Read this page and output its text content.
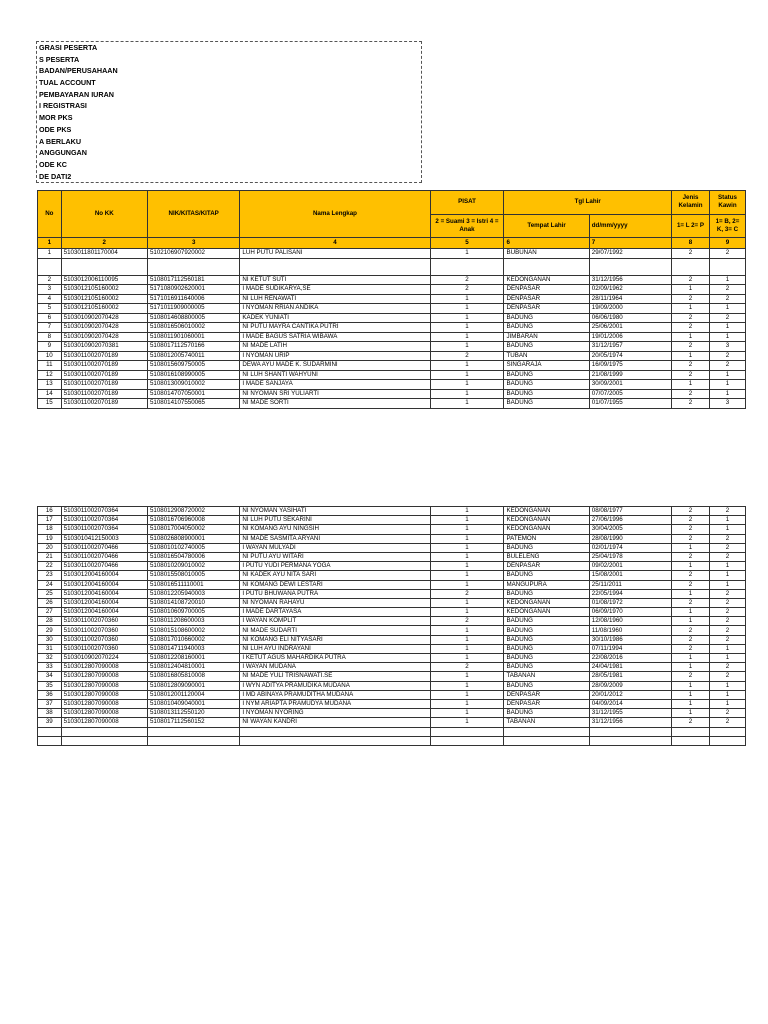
GRASI PESERTA
S PESERTA
BADAN/PERUSAHAAN
TUAL ACCOUNT
PEMBAYARAN IURAN
I REGISTRASI
MOR PKS
ODE PKS
A BERLAKU
ANGGUNGAN
ODE KC
DE DATI2
No	No KK	NIK/KITAS/KITAP	Nama Lengkap	PISAT	Tgl Lahir		Jenis Kelamin	Status Kawin
				2 = Suami 3 = Istri 4 = Anak	Tempat Lahir	dd/mm/yyyy	1= L 2= P	1= B, 2= K, 3= C
1	2	3	4	5	6	7	8	9
1	5103011801170004	5102106907920002	LUH PUTU PALISANI	1	BUBUNAN	29/07/1992	2	2

2	5103012006110095	5108017112560181	NI KETUT SUTI	2	KEDONGANAN	31/12/1956	2	1
3	5103012105160002	5171080902620001	I MADE SUDIKARYA,SE	2	DENPASAR	02/09/1962	1	2
4	5103012105160002	5171016911640006	NI LUH RENAWATI	1	DENPASAR	28/11/1964	2	2
5	5103012105160002	5171011909000005	I NYOMAN RRIAN ANDIKA	1	DENPASAR	19/09/2000	1	1
6	5103010902070428	5108014608800005	KADEK YUNIATI	1	BADUNG	06/06/1980	2	2
7	5103010902070428	5108016506010002	NI PUTU MAYRA CANTIKA PUTRI	1	BADUNG	25/06/2001	2	1
8	5103010902070428	5108011901060001	I MADE BAGUS SATRIA WIBAWA	1	JIMBARAN	19/01/2006	1	1
9	5103010902070381	5108017112570166	NI MADE LATIH	1	BADUNG	31/12/1957	2	3
10	5103011002070189	5108012005740011	I NYOMAN URIP	2	TUBAN	20/05/1974	1	2
11	5103011002070189	5108015609750005	DEWA AYU MADE K. SUDARMINI	1	SINGARAJA	16/09/1975	2	2
12	5103011002070189	5108016108990005	NI LUH SHANTI WAHYUNI	1	BADUNG	21/08/1999	2	1
13	5103011002070189	5108013009010002	I MADE SANJAYA	1	BADUNG	30/09/2001	1	1
14	5103011002070189	5108014707050001	NI NYOMAN SRI YULIARTI	1	BADUNG	07/07/2005	2	1
15	5103011002070189	5108014107550065	NI MADE SORTI	1	BADUNG	01/07/1955	2	3
16	5103011002070364	5108012908720002	NI NYOMAN YASIHATI	1	KEDONGANAN	08/08/1977	2	2
17	5103011002070364	5108016706960008	NI LUH PUTU SEKARINI	1	KEDONGANAN	27/06/1996	2	1
18	5103011002070364	5108017004050002	NI KOMANG AYU NINGSIH	1	KEDONGANAN	30/04/2005	2	1
19	5103010412150003	5108026808900001	NI MADE SASMITA ARYANI	1	PATEMON	28/08/1990	2	2
20	5103011002070466	5108010102740005	I WAYAN MULYADI	1	BADUNG	02/01/1974	1	2
21	5103011002070466	5108016504780006	NI PUTU AYU WITARI	1	BULELENG	25/04/1978	2	2
22	5103011002070466	5108010209010002	I PUTU YUDI PERMANA YOGA	1	DENPASAR	09/02/2001	1	1
23	5103012004160004	5108015508010005	NI KADEK AYU NITA SARI	1	BADUNG	15/08/2001	2	1
24	5103012004160004	5108016511110001	NI KOMANG DEWI LESTARI	1	MANGUPURA	25/11/2011	2	1
25	5103012004160004	5108012205940003	I PUTU BHUWANA PUTRA	2	BADUNG	22/05/1994	1	2
26	5103012004160004	5108014108720010	NI NYOMAN RAHAYU	1	KEDONGANAN	01/08/1972	2	2
27	5103012004160004	5108010609700005	I MADE DARTAYASA	1	KEDONGANAN	06/09/1970	1	2
28	5103011002070360	5108011208600003	I WAYAN KOMPLIT	2	BADUNG	12/08/1960	1	2
29	5103011002070360	5108015108600002	NI MADE SUDARTI	1	BADUNG	11/08/1960	2	2
30	5103011002070360	5108017010660002	NI KOMANG ELI NITYASARI	1	BADUNG	30/10/1986	2	2
31	5103011002070360	5108014711940003	NI LUH AYU INDRAYANI	1	BADUNG	07/11/1994	2	1
32	5103010902070224	5108012208160001	I KETUT AGUS MAHARDIKA PUTRA	1	BADUNG	22/08/2016	1	1
33	5103012807090008	5108012404810001	I WAYAN MUDANA	2	BADUNG	24/04/1981	1	2
34	5103012807090008	5108016805810008	NI MADE YULI TRISNAWATI.SE	1	TABANAN	28/05/1981	2	2
35	5103012807090008	5108012809090001	I WYN ADITYA PRAMUDIKA MUDANA	1	BADUNG	28/09/2009	1	1
36	5103012807090008	5108012001120004	I MD ABINAYA PRAMUDITHA MUDANA	1	DENPASAR	20/01/2012	1	1
37	5103012807090008	5108010409040001	I NYM ARIAPTA PRAMUDYA MUDANA	1	DENPASAR	04/09/2014	1	1
38	5103012807090008	5108013112550120	I NYOMAN NYORING	1	BADUNG	31/12/1955	1	2
39	5103012807090008	5108017112560152	NI WAYAN KANDRI	1	TABANAN	31/12/1956	2	2
